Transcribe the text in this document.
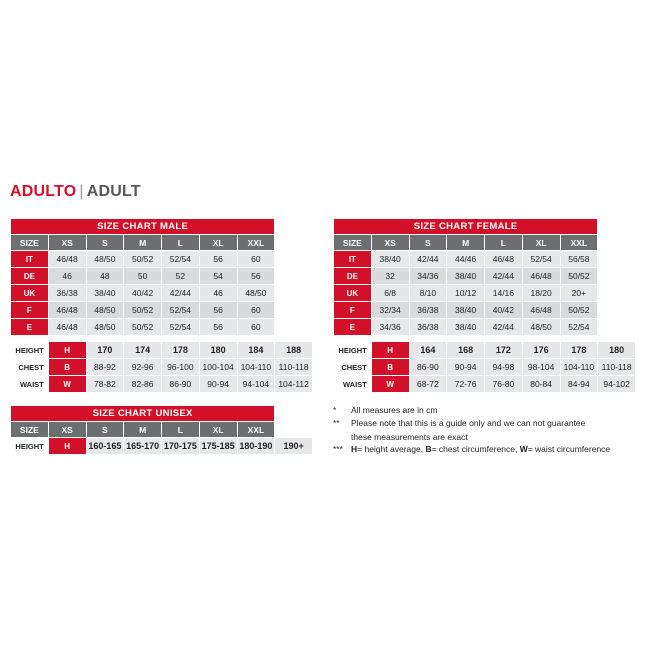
ADULTO | ADULT
SIZE CHART MALE							
SIZE	XS	S	M	L	XL	XXL	
IT	46/48	48/50	50/52	52/54	56	60	
DE	46	48	50	52	54	56	
UK	36/38	38/40	40/42	42/44	46	48/50	
F	46/48	48/50	50/52	52/54	56	60	
E	46/48	48/50	50/52	52/54	56	60	

HEIGHT	H	170	174	178	180	184	188
CHEST	B	88-92	92-96	96-100	100-104	104-110	110-118
WAIST	W	78-82	82-86	86-90	90-94	94-104	104-112
SIZE CHART FEMALE							
SIZE	XS	S	M	L	XL	XXL	
IT	38/40	42/44	44/46	46/48	52/54	56/58	
DE	32	34/36	38/40	42/44	46/48	50/52	
UK	6/8	8/10	10/12	14/16	18/20	20+	
F	32/34	36/38	38/40	40/42	46/48	50/52	
E	34/36	36/38	38/40	42/44	48/50	52/54	

HEIGHT	H	164	168	172	176	178	180
CHEST	B	86-90	90-94	94-98	98-104	104-110	110-118
WAIST	W	68-72	72-76	76-80	80-84	84-94	94-102
SIZE CHART UNISEX							
SIZE	XS	S	M	L	XL	XXL	
HEIGHT	H	160-165	165-170	170-175	175-185	180-190	190+
*	All measures are in cm
**	Please note that this is a guide only and we can not guarantee
these measurements are exact
*** H= height average, B= chest circumference, W= waist circumference
